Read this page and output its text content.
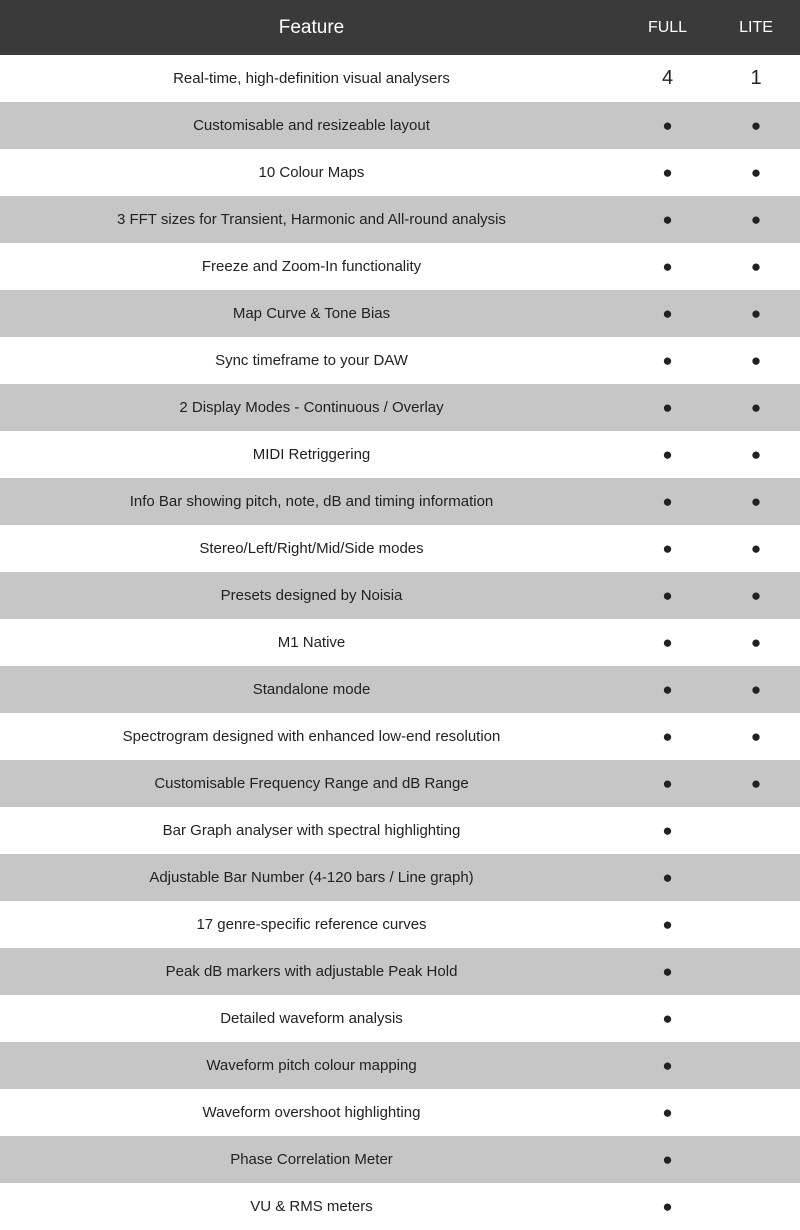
Feature	FULL	LITE
Real-time, high-definition visual analysers	4	1
Customisable and resizeable layout	●	●
10 Colour Maps	●	●
3 FFT sizes for Transient, Harmonic and All-round analysis	●	●
Freeze and Zoom-In functionality	●	●
Map Curve & Tone Bias	●	●
Sync timeframe to your DAW	●	●
2 Display Modes - Continuous / Overlay	●	●
MIDI Retriggering	●	●
Info Bar showing pitch, note, dB and timing information	●	●
Stereo/Left/Right/Mid/Side modes	●	●
Presets designed by Noisia	●	●
M1 Native	●	●
Standalone mode	●	●
Spectrogram designed with enhanced low-end resolution	●	●
Customisable Frequency Range and dB Range	●	●
Bar Graph analyser with spectral highlighting	●	
Adjustable Bar Number (4-120 bars / Line graph)	●	
17 genre-specific reference curves	●	
Peak dB markers with adjustable Peak Hold	●	
Detailed waveform analysis	●	
Waveform pitch colour mapping	●	
Waveform overshoot highlighting	●	
Phase Correlation Meter	●	
VU & RMS meters	●	
